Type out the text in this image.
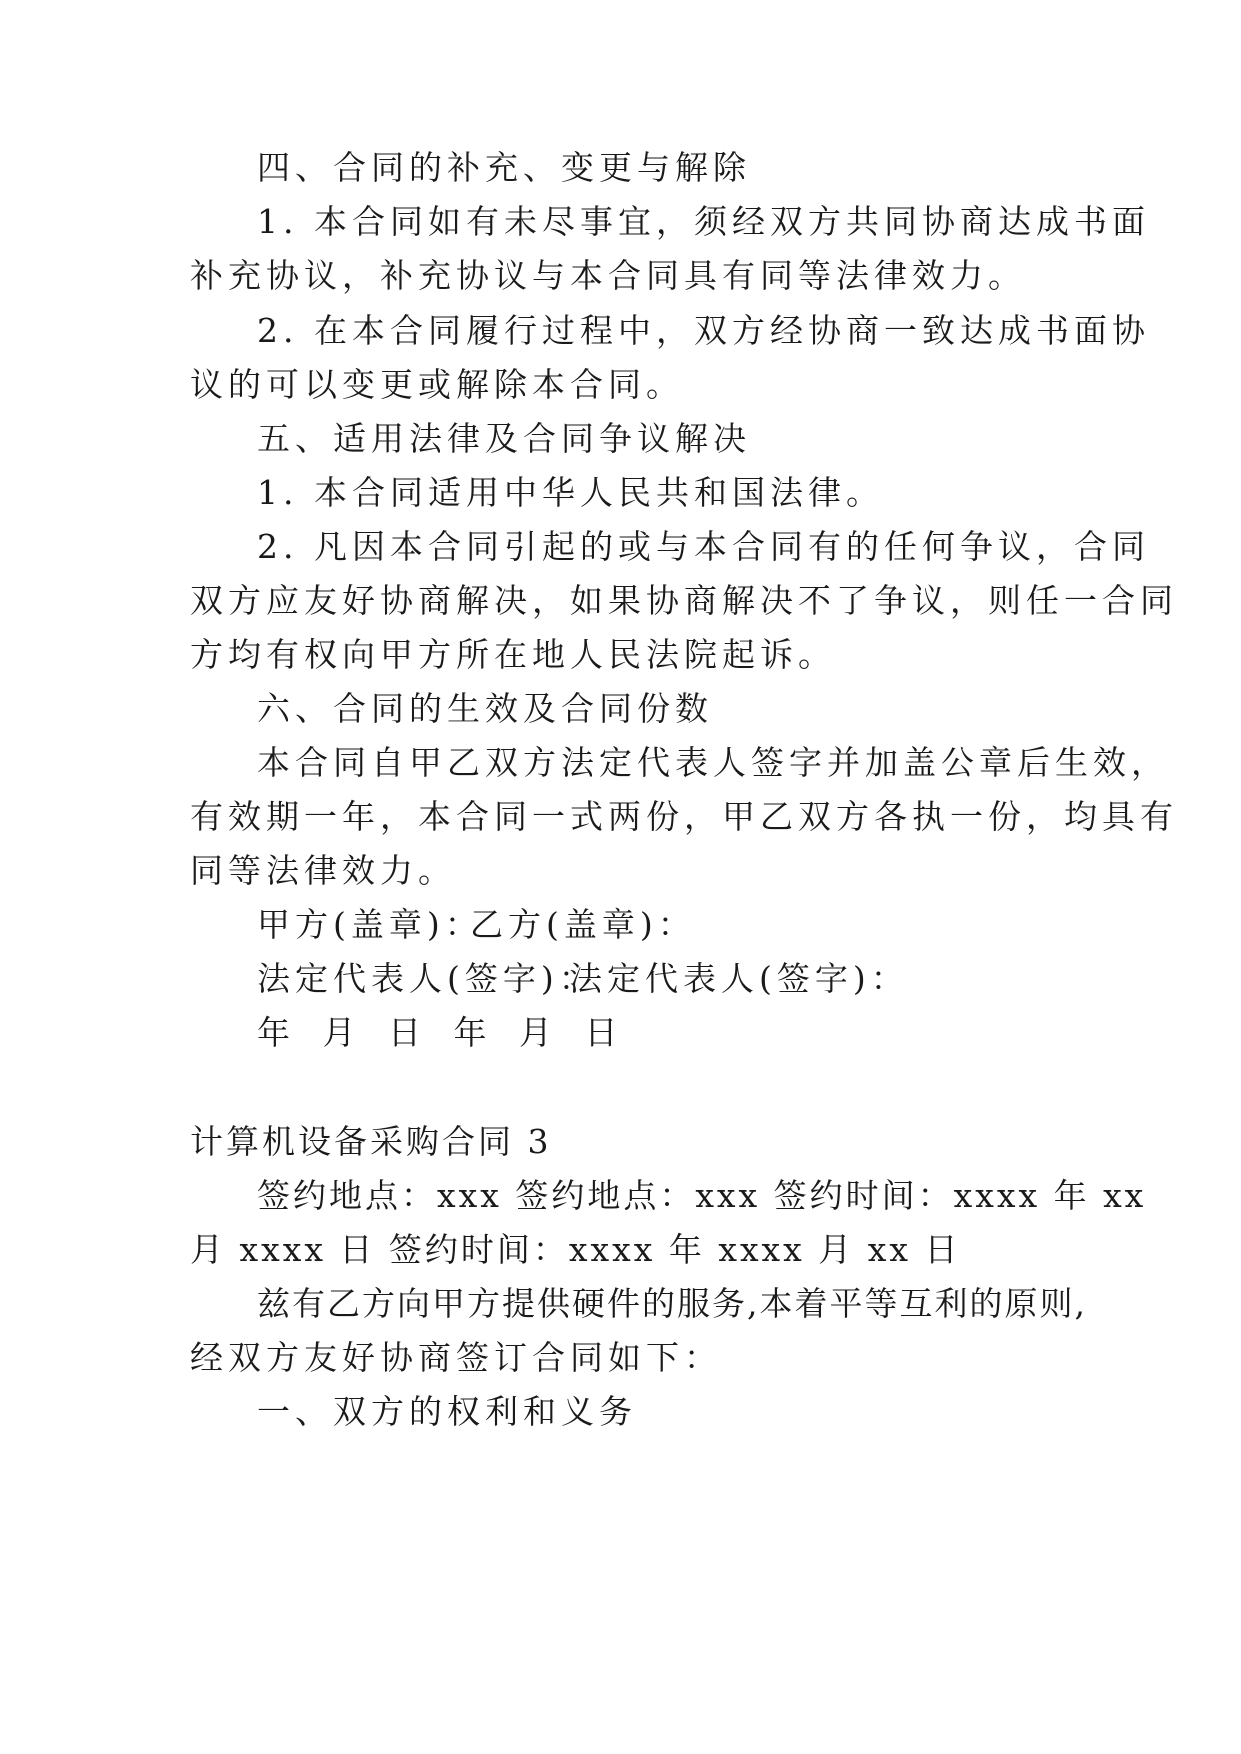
四、合同的补充、变更与解除
1. 本合同如有未尽事宜，须经双方共同协商达成书面
补充协议，补充协议与本合同具有同等法律效力。
2. 在本合同履行过程中，双方经协商一致达成书面协
议的可以变更或解除本合同。
五、适用法律及合同争议解决
1. 本合同适用中华人民共和国法律。
2. 凡因本合同引起的或与本合同有的任何争议，合同
双方应友好协商解决，如果协商解决不了争议，则任一合同
方均有权向甲方所在地人民法院起诉。
六、合同的生效及合同份数
本合同自甲乙双方法定代表人签字并加盖公章后生效，
有效期一年，本合同一式两份，甲乙双方各执一份，均具有
同等法律效力。
甲方(盖章)：
乙方(盖章)：
法定代表人(签字)：
法定代表人(签字)：
年 月 日 年 月 日
计算机设备采购合同 3
签约地点：xxx 签约地点：xxx 签约时间：xxxx 年 xx
月 xxxx 日 签约时间：xxxx 年 xxxx 月 xx 日
兹有乙方向甲方提供硬件的服务,本着平等互利的原则,
经双方友好协商签订合同如下：
一、双方的权利和义务
